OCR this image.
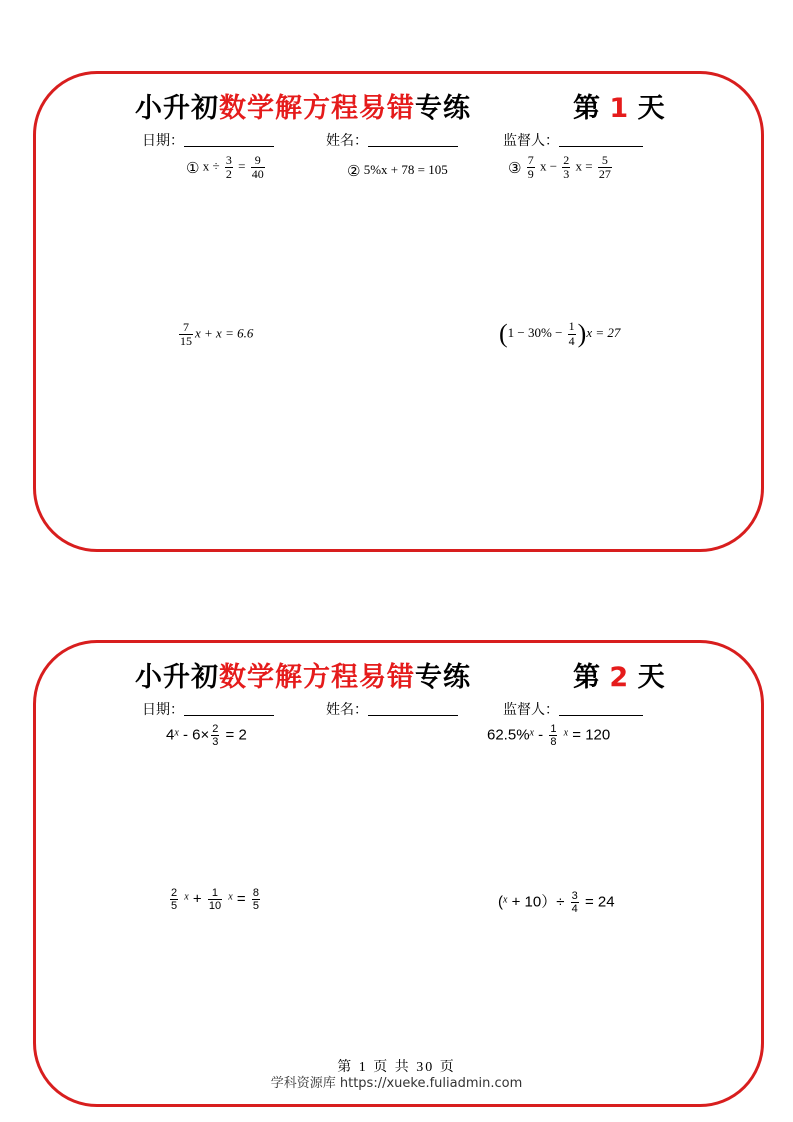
小升初数学解方程易错专练	第 1 天
日期：	姓名：	监督人：
① $x \div \frac{3}{2} = \frac{9}{40}$	② 5%x + 78 = 105	③ $\frac{7}{9}$ $x - \frac{2}{3}$ $x = \frac{5}{27}$
$\frac{7}{15}$ x + x = 6.6	$(1 - 30\% - \frac{1}{4} )x = 27$
小升初数学解方程易错专练	第 2 天
日期：	姓名：	监督人：
$4^x - 6\times \frac{2}{3} = 2$	$62.5\%^x - \frac{1}{8} ^x = 120$
$\frac{2}{5} ^x + \frac{1}{10} ^x = \frac{8}{5}$	$(^x + 10)\div \frac{3}{4} = 24$
第 1 页 共 30 页
学科资源库 https://xueke.fuliadmin.com
